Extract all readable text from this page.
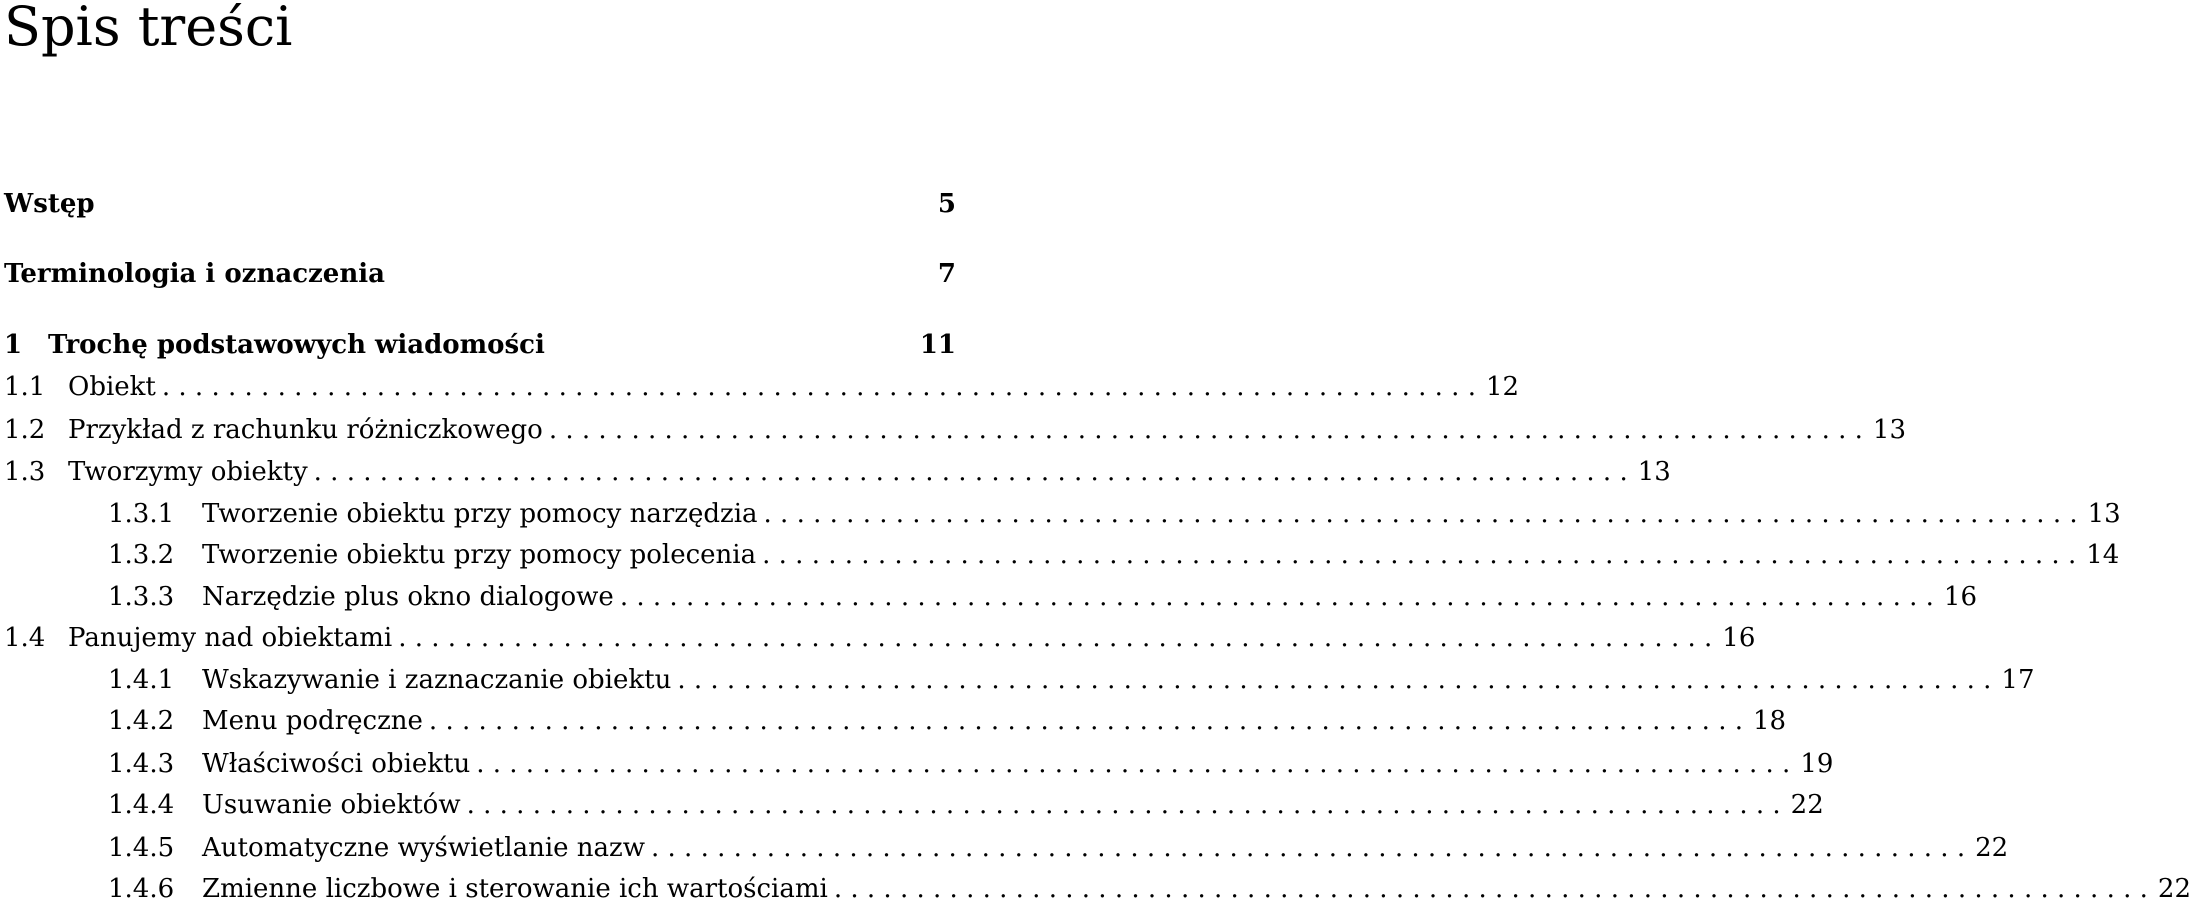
Spis treści
Wstęp	5
Terminologia i oznaczenia	7
1 Trochę podstawowych wiadomości	11
1.1 Obiekt . . . . . . . . . . . . . . . . . . . . . . . . . . . . . . . . . . . . . . . . . . . . . . . . . . . . . . . . . . . . . . . . . . . . . . . . . . . . . . . . 12
1.2 Przykład z rachunku różniczkowego . . . . . . . . . . . . . . . . . . . . . . . . . . . . . . . . . . . . . . . . . . . . . . . . . . . . . . . . . . . . . . . . . . . . . . . . . . . . . . . . 13
1.3 Tworzymy obiekty . . . . . . . . . . . . . . . . . . . . . . . . . . . . . . . . . . . . . . . . . . . . . . . . . . . . . . . . . . . . . . . . . . . . . . . . . . . . . . . . 13
1.3.1	Tworzenie obiektu przy pomocy narzędzia . . . . . . . . . . . . . . . . . . . . . . . . . . . . . . . . . . . . . . . . . . . . . . . . . . . . . . . . . . . . . . . . . . . . . . . . . . . . . . . . 13
1.3.2	Tworzenie obiektu przy pomocy polecenia . . . . . . . . . . . . . . . . . . . . . . . . . . . . . . . . . . . . . . . . . . . . . . . . . . . . . . . . . . . . . . . . . . . . . . . . . . . . . . . . 14
1.3.3	Narzędzie plus okno dialogowe . . . . . . . . . . . . . . . . . . . . . . . . . . . . . . . . . . . . . . . . . . . . . . . . . . . . . . . . . . . . . . . . . . . . . . . . . . . . . . . . 16
1.4 Panujemy nad obiektami . . . . . . . . . . . . . . . . . . . . . . . . . . . . . . . . . . . . . . . . . . . . . . . . . . . . . . . . . . . . . . . . . . . . . . . . . . . . . . . . 16
1.4.1	Wskazywanie i zaznaczanie obiektu . . . . . . . . . . . . . . . . . . . . . . . . . . . . . . . . . . . . . . . . . . . . . . . . . . . . . . . . . . . . . . . . . . . . . . . . . . . . . . . . 17
1.4.2	Menu podręczne . . . . . . . . . . . . . . . . . . . . . . . . . . . . . . . . . . . . . . . . . . . . . . . . . . . . . . . . . . . . . . . . . . . . . . . . . . . . . . . . 18
1.4.3	Właściwości obiektu . . . . . . . . . . . . . . . . . . . . . . . . . . . . . . . . . . . . . . . . . . . . . . . . . . . . . . . . . . . . . . . . . . . . . . . . . . . . . . . . 19
1.4.4	Usuwanie obiektów . . . . . . . . . . . . . . . . . . . . . . . . . . . . . . . . . . . . . . . . . . . . . . . . . . . . . . . . . . . . . . . . . . . . . . . . . . . . . . . . 22
1.4.5	Automatyczne wyświetlanie nazw . . . . . . . . . . . . . . . . . . . . . . . . . . . . . . . . . . . . . . . . . . . . . . . . . . . . . . . . . . . . . . . . . . . . . . . . . . . . . . . . 22
1.4.6	Zmienne liczbowe i sterowanie ich wartościami . . . . . . . . . . . . . . . . . . . . . . . . . . . . . . . . . . . . . . . . . . . . . . . . . . . . . . . . . . . . . . . . . . . . . . . . . . . . . . . . 22
